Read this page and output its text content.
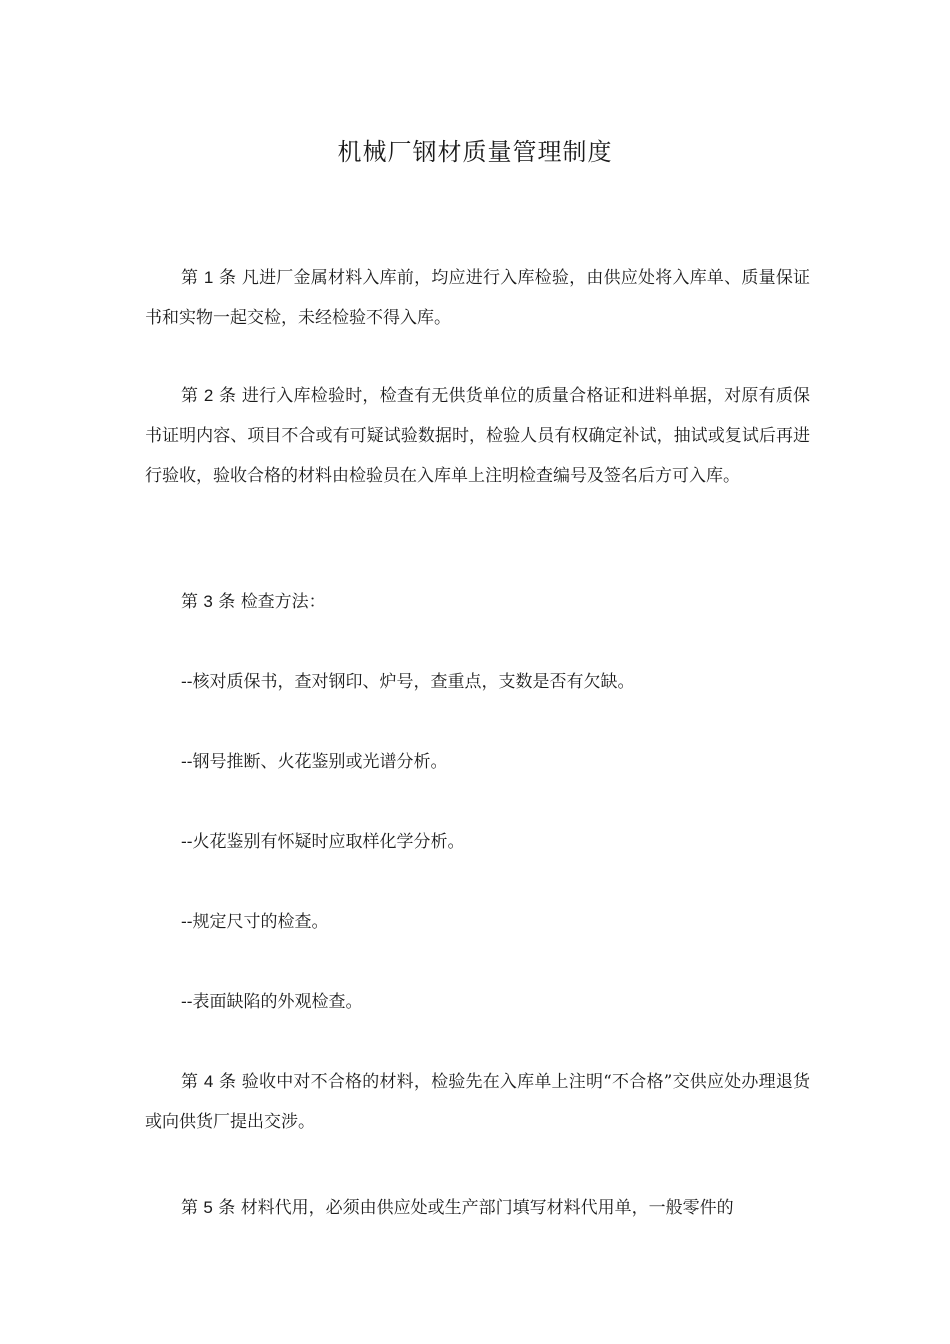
机械厂钢材质量管理制度

第 1 条 凡进厂金属材料入库前，均应进行入库检验，由供应处将入库单、质量保证书和实物一起交检，未经检验不得入库。

第 2 条 进行入库检验时，检查有无供货单位的质量合格证和进料单据，对原有质保书证明内容、项目不合或有可疑试验数据时，检验人员有权确定补试，抽试或复试后再进行验收，验收合格的材料由检验员在入库单上注明检查编号及签名后方可入库。

第 3 条 检查方法：

--核对质保书，查对钢印、炉号，查重点，支数是否有欠缺。

--钢号推断、火花鉴别或光谱分析。

--火花鉴别有怀疑时应取样化学分析。

--规定尺寸的检查。

--表面缺陷的外观检查。

第 4 条 验收中对不合格的材料，检验先在入库单上注明“不合格”交供应处办理退货或向供货厂提出交涉。

第 5 条 材料代用，必须由供应处或生产部门填写材料代用单，一般零件的
